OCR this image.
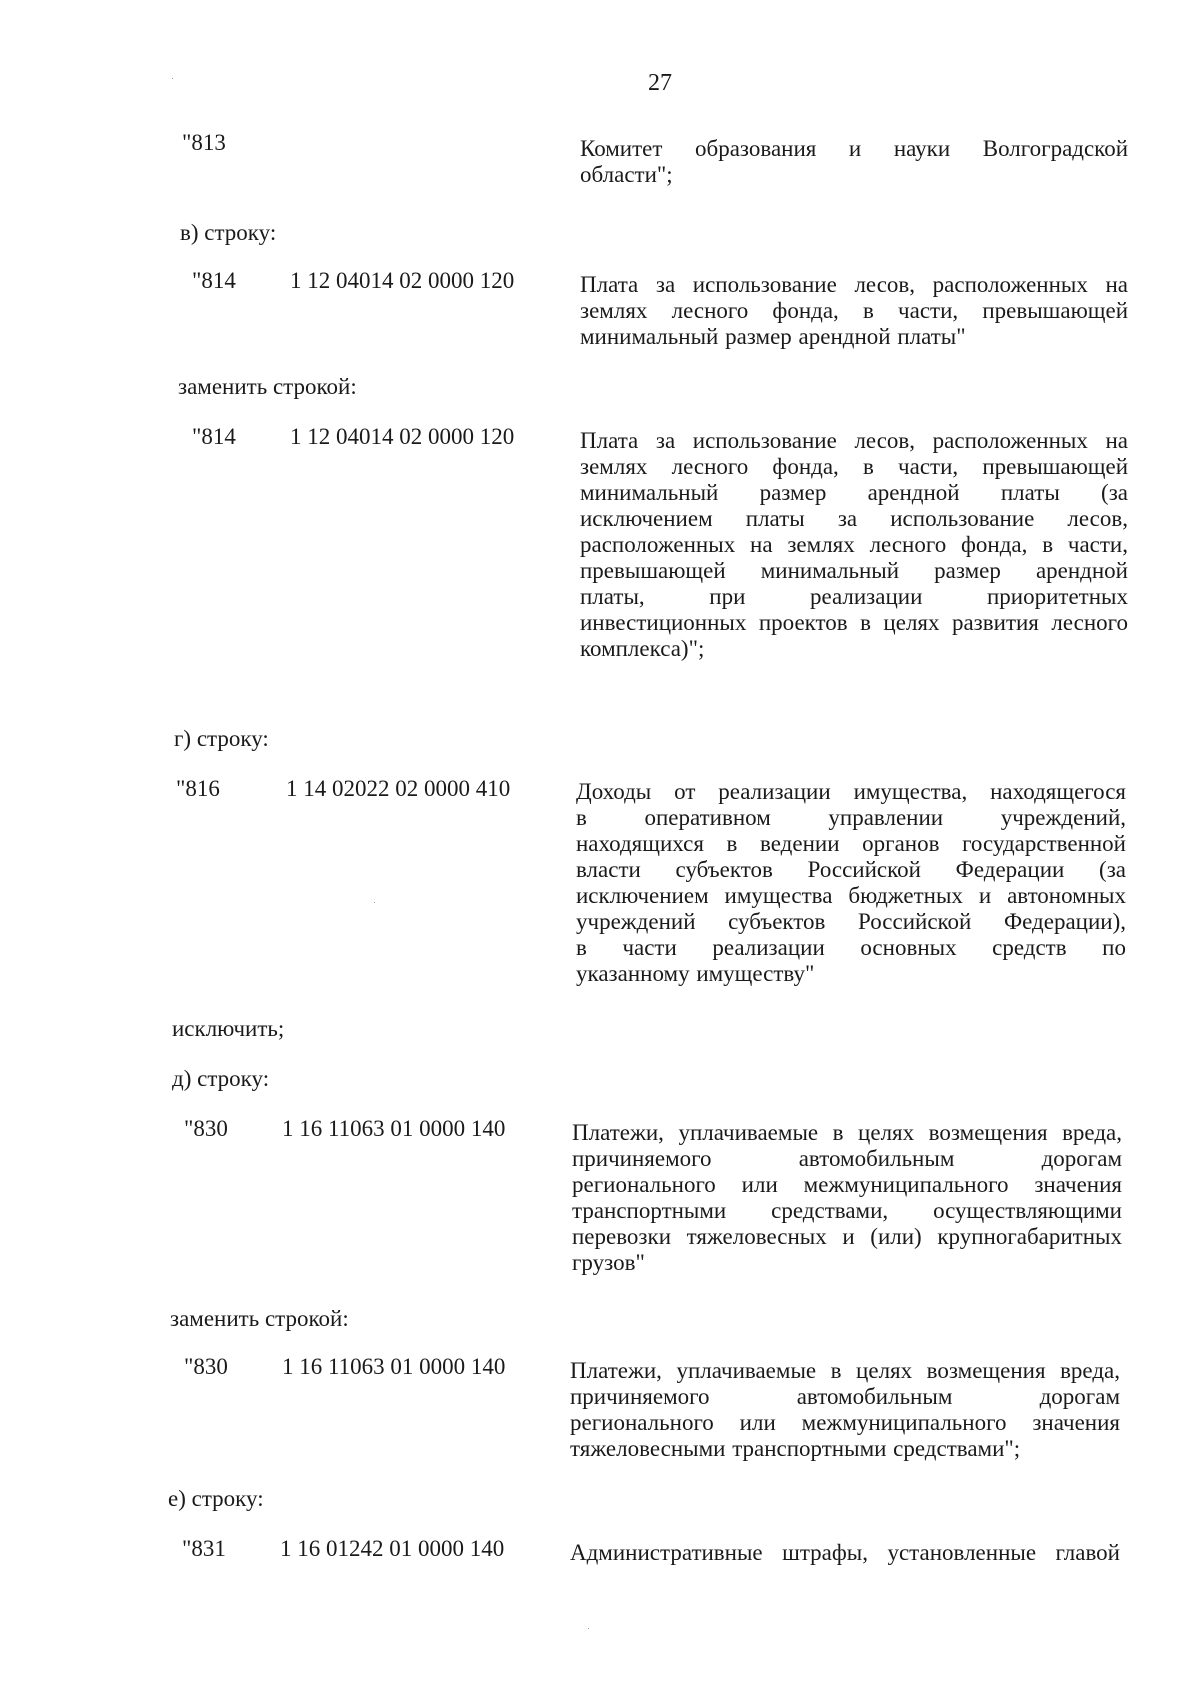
27
"813	Комитет образования и науки Волгоградской
области";
в) строку:
"814 1 12 04014 02 0000 120	Плата за использование лесов, расположенных на
землях лесного фонда, в части, превышающей
минимальный размер арендной платы"
заменить строкой:
"814 1 12 04014 02 0000 120	Плата за использование лесов, расположенных на
землях лесного фонда, в части, превышающей
минимальный размер арендной платы (за
исключением платы за использование лесов,
расположенных на землях лесного фонда, в части,
превышающей минимальный размер арендной
платы, при реализации приоритетных
инвестиционных проектов в целях развития лесного
комплекса)";
г) строку:
"816	1 14 02022 02 0000 410	Доходы от реализации имущества, находящегося
в оперативном управлении учреждений,
находящихся в ведении органов государственной
власти субъектов Российской Федерации (за
исключением имущества бюджетных и автономных
учреждений субъектов Российской Федерации),
в части реализации основных средств по
указанному имуществу"
исключить;
д) строку:
"830 1 16 11063 01 0000 140	Платежи, уплачиваемые в целях возмещения вреда,
причиняемого автомобильным дорогам
регионального или межмуниципального значения
транспортными средствами, осуществляющими
перевозки тяжеловесных и (или) крупногабаритных
грузов"
заменить строкой:
"830 1 16 11063 01 0000 140	Платежи, уплачиваемые в целях возмещения вреда,
причиняемого автомобильным дорогам
регионального или межмуниципального значения
тяжеловесными транспортными средствами";
е) строку:
"831 1 16 01242 01 0000 140	Административные штрафы, установленные главой
